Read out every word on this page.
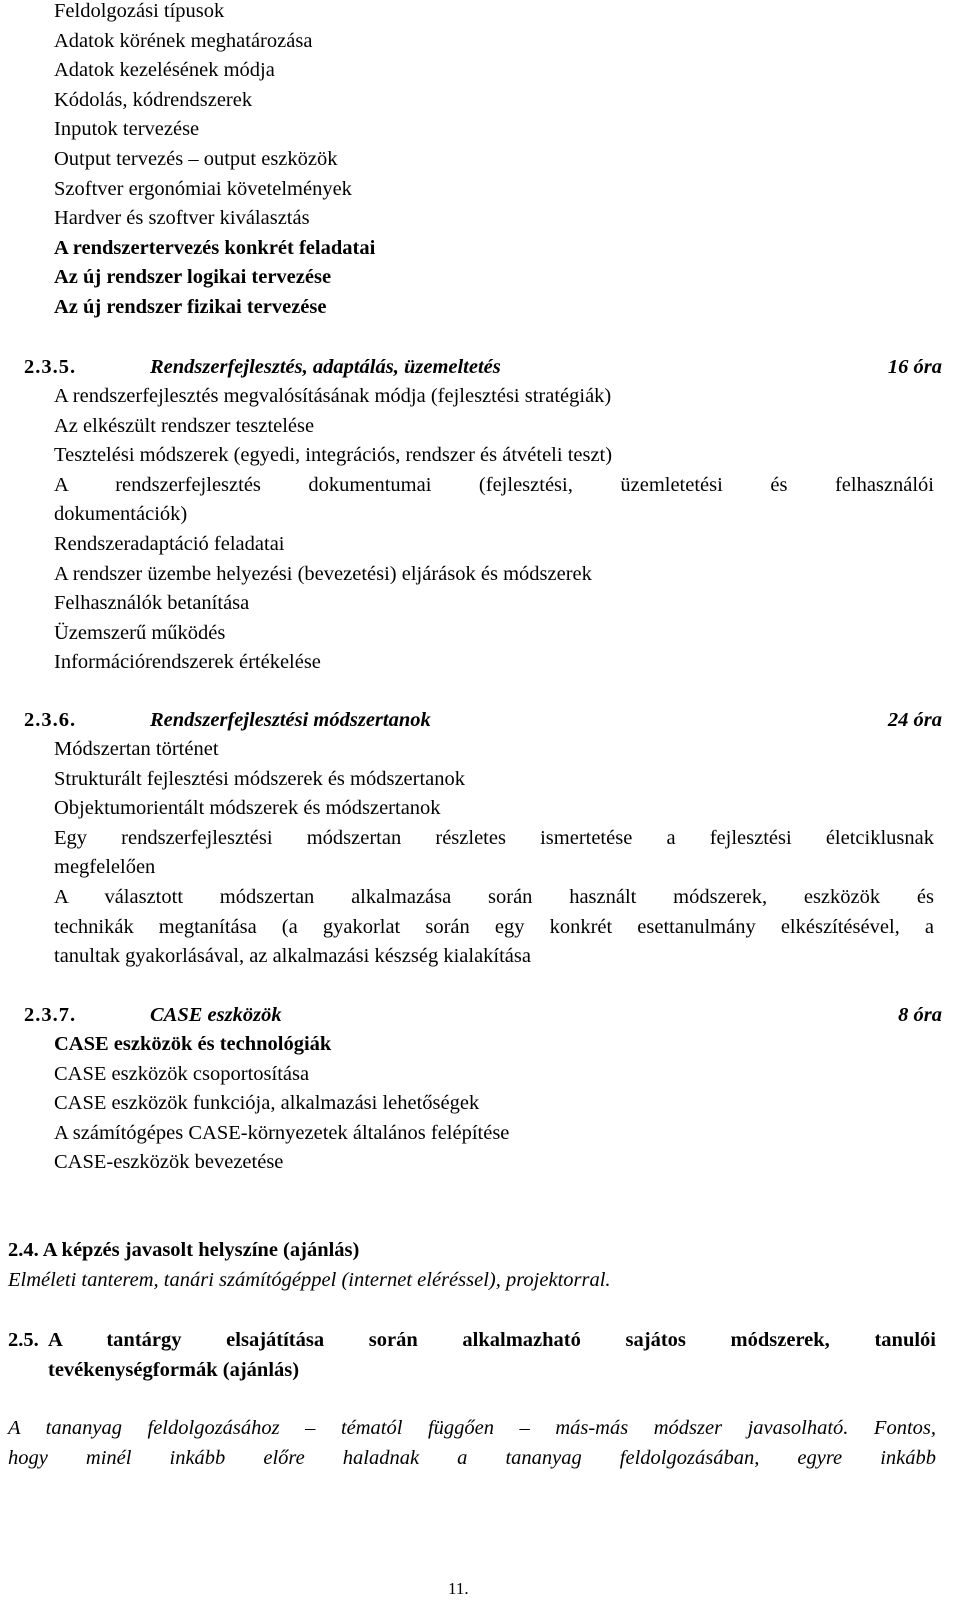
Feldolgozási típusok
Adatok körének meghatározása
Adatok kezelésének módja
Kódolás, kódrendszerek
Inputok tervezése
Output tervezés – output eszközök
Szoftver ergonómiai követelmények
Hardver és szoftver kiválasztás
A rendszertervezés konkrét feladatai
Az új rendszer logikai tervezése
Az új rendszer fizikai tervezése
2.3.5.	Rendszerfejlesztés, adaptálás, üzemeltetés	16 óra
A rendszerfejlesztés megvalósításának módja (fejlesztési stratégiák)
Az elkészült rendszer tesztelése
Tesztelési módszerek (egyedi, integrációs, rendszer és átvételi teszt)
A rendszerfejlesztés dokumentumai (fejlesztési, üzemletetési és felhasználói
dokumentációk)
Rendszeradaptáció feladatai
A rendszer üzembe helyezési (bevezetési) eljárások és módszerek
Felhasználók betanítása
Üzemszerű működés
Információrendszerek értékelése
2.3.6.	Rendszerfejlesztési módszertanok	24 óra
Módszertan történet
Strukturált fejlesztési módszerek és módszertanok
Objektumorientált módszerek és módszertanok
Egy rendszerfejlesztési módszertan részletes ismertetése a fejlesztési életciklusnak
megfelelően
A választott módszertan alkalmazása során használt módszerek, eszközök és
technikák megtanítása (a gyakorlat során egy konkrét esettanulmány elkészítésével, a
tanultak gyakorlásával, az alkalmazási készség kialakítása
2.3.7.	CASE eszközök	8 óra
CASE eszközök és technológiák
CASE eszközök csoportosítása
CASE eszközök funkciója, alkalmazási lehetőségek
A számítógépes CASE-környezetek általános felépítése
CASE-eszközök bevezetése
2.4. A képzés javasolt helyszíne (ajánlás)
Elméleti tanterem, tanári számítógéppel (internet eléréssel), projektorral.
2.5. A tantárgy elsajátítása során alkalmazható sajátos módszerek, tanulói
tevékenységformák (ajánlás)
A tananyag feldolgozásához – tématól függően – más-más módszer javasolható. Fontos,
hogy minél inkább előre haladnak a tananyag feldolgozásában, egyre inkább
11.
